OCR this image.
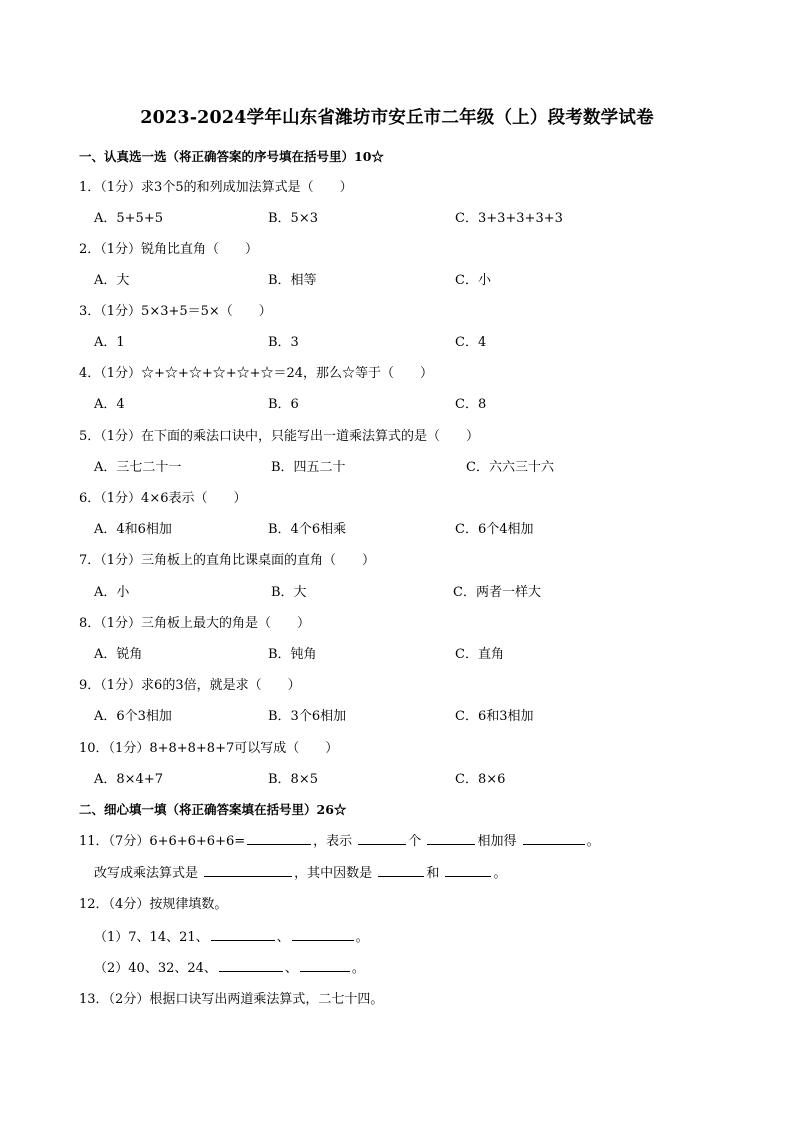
2023-2024学年山东省潍坊市安丘市二年级（上）段考数学试卷
一、认真选一选（将正确答案的序号填在括号里）10☆
1．（1分）求3个5的和列成加法算式是（　　）
A．5+5+5	B．5×3	C．3+3+3+3+3
2．（1分）锐角比直角（　　）
A．大	B．相等	C．小
3．（1分）5×3+5＝5×（　　）
A．1	B．3	C．4
4．（1分）☆+☆+☆+☆+☆+☆＝24，那么☆等于（　　）
A．4	B．6	C．8
5．（1分）在下面的乘法口诀中，只能写出一道乘法算式的是（　　）
A．三七二十一	B．四五二十	C．六六三十六
6．（1分）4×6表示（　　）
A．4和6相加	B．4个6相乘	C．6个4相加
7．（1分）三角板上的直角比课桌面的直角（　　）
A．小	B．大	C．两者一样大
8．（1分）三角板上最大的角是（　　）
A．锐角	B．钝角	C．直角
9．（1分）求6的3倍，就是求（　　）
A．6个3相加	B．3个6相加	C．6和3相加
10．（1分）8+8+8+8+7可以写成（　　）
A．8×4+7	B．8×5	C．8×6
二、细心填一填（将正确答案填在括号里）26☆
11．（7分）6+6+6+6+6=	，表示	个	相加得	。
改写成乘法算式是	，其中因数是	和	。
12．（4分）按规律填数。
（1）7、14、21、	、	。
（2）40、32、24、	、	。
13．（2分）根据口诀写出两道乘法算式，二七十四。
